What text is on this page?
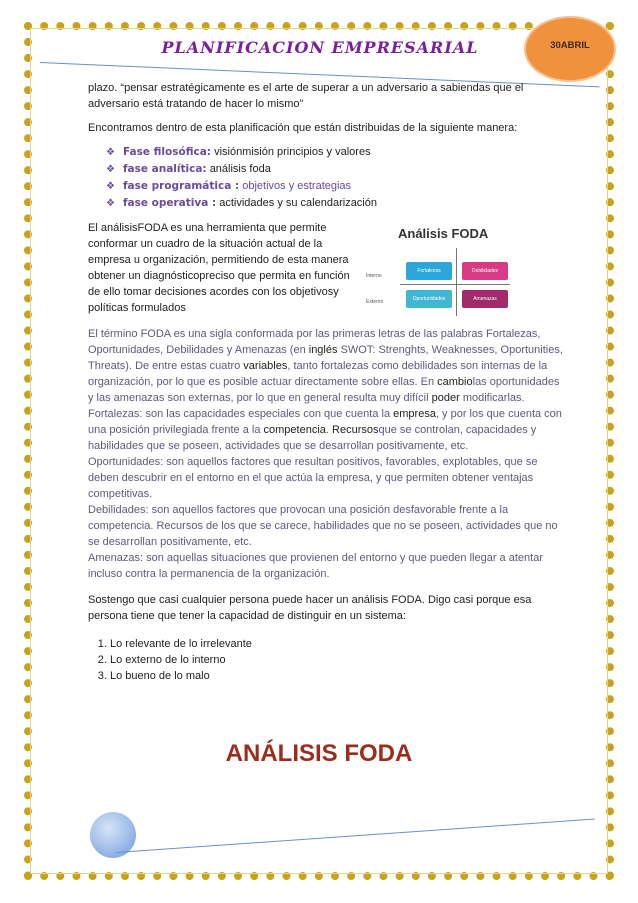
PLANIFICACION EMPRESARIAL	30ABRIL

plazo. “pensar estratégicamente es el arte de superar a un adversario a sabiendas que el adversario está tratando de hacer lo mismo”

Encontramos dentro de esta planificación que están distribuidas de la siguiente manera:

❖ Fase filosófica: visiónmisión principios y valores
❖ fase analítica: análisis foda
❖ fase programática : objetivos y estrategias
❖ fase operativa : actividades y su calendarización

El análisisFODA es una herramienta que permite conformar un cuadro de la situación actual de la empresa u organización, permitiendo de esta manera obtener un diagnósticopreciso que permita en función de ello tomar decisiones acordes con los objetivosy políticas formulados

Análisis FODA
Interno
Externo
Fortalezas	Debilidades
Oportunidades	Amenazas

El término FODA es una sigla conformada por las primeras letras de las palabras Fortalezas, Oportunidades, Debilidades y Amenazas (en inglés SWOT: Strenghts, Weaknesses, Oportunities, Threats). De entre estas cuatro variables, tanto fortalezas como debilidades son internas de la organización, por lo que es posible actuar directamente sobre ellas. En cambiolas oportunidades y las amenazas son externas, por lo que en general resulta muy difícil poder modificarlas.
Fortalezas: son las capacidades especiales con que cuenta la empresa, y por los que cuenta con una posición privilegiada frente a la competencia. Recursosque se controlan, capacidades y habilidades que se poseen, actividades que se desarrollan positivamente, etc.
Oportunidades: son aquellos factores que resultan positivos, favorables, explotables, que se deben descubrir en el entorno en el que actúa la empresa, y que permiten obtener ventajas competitivas.
Debilidades: son aquellos factores que provocan una posición desfavorable frente a la competencia. Recursos de los que se carece, habilidades que no se poseen, actividades que no se desarrollan positivamente, etc.
Amenazas: son aquellas situaciones que provienen del entorno y que pueden llegar a atentar incluso contra la permanencia de la organización.

Sostengo que casi cualquier persona puede hacer un análisis FODA. Digo casi porque esa persona tiene que tener la capacidad de distinguir en un sistema:

1. Lo relevante de lo irrelevante
2. Lo externo de lo interno
3. Lo bueno de lo malo
ANÁLISIS FODA
